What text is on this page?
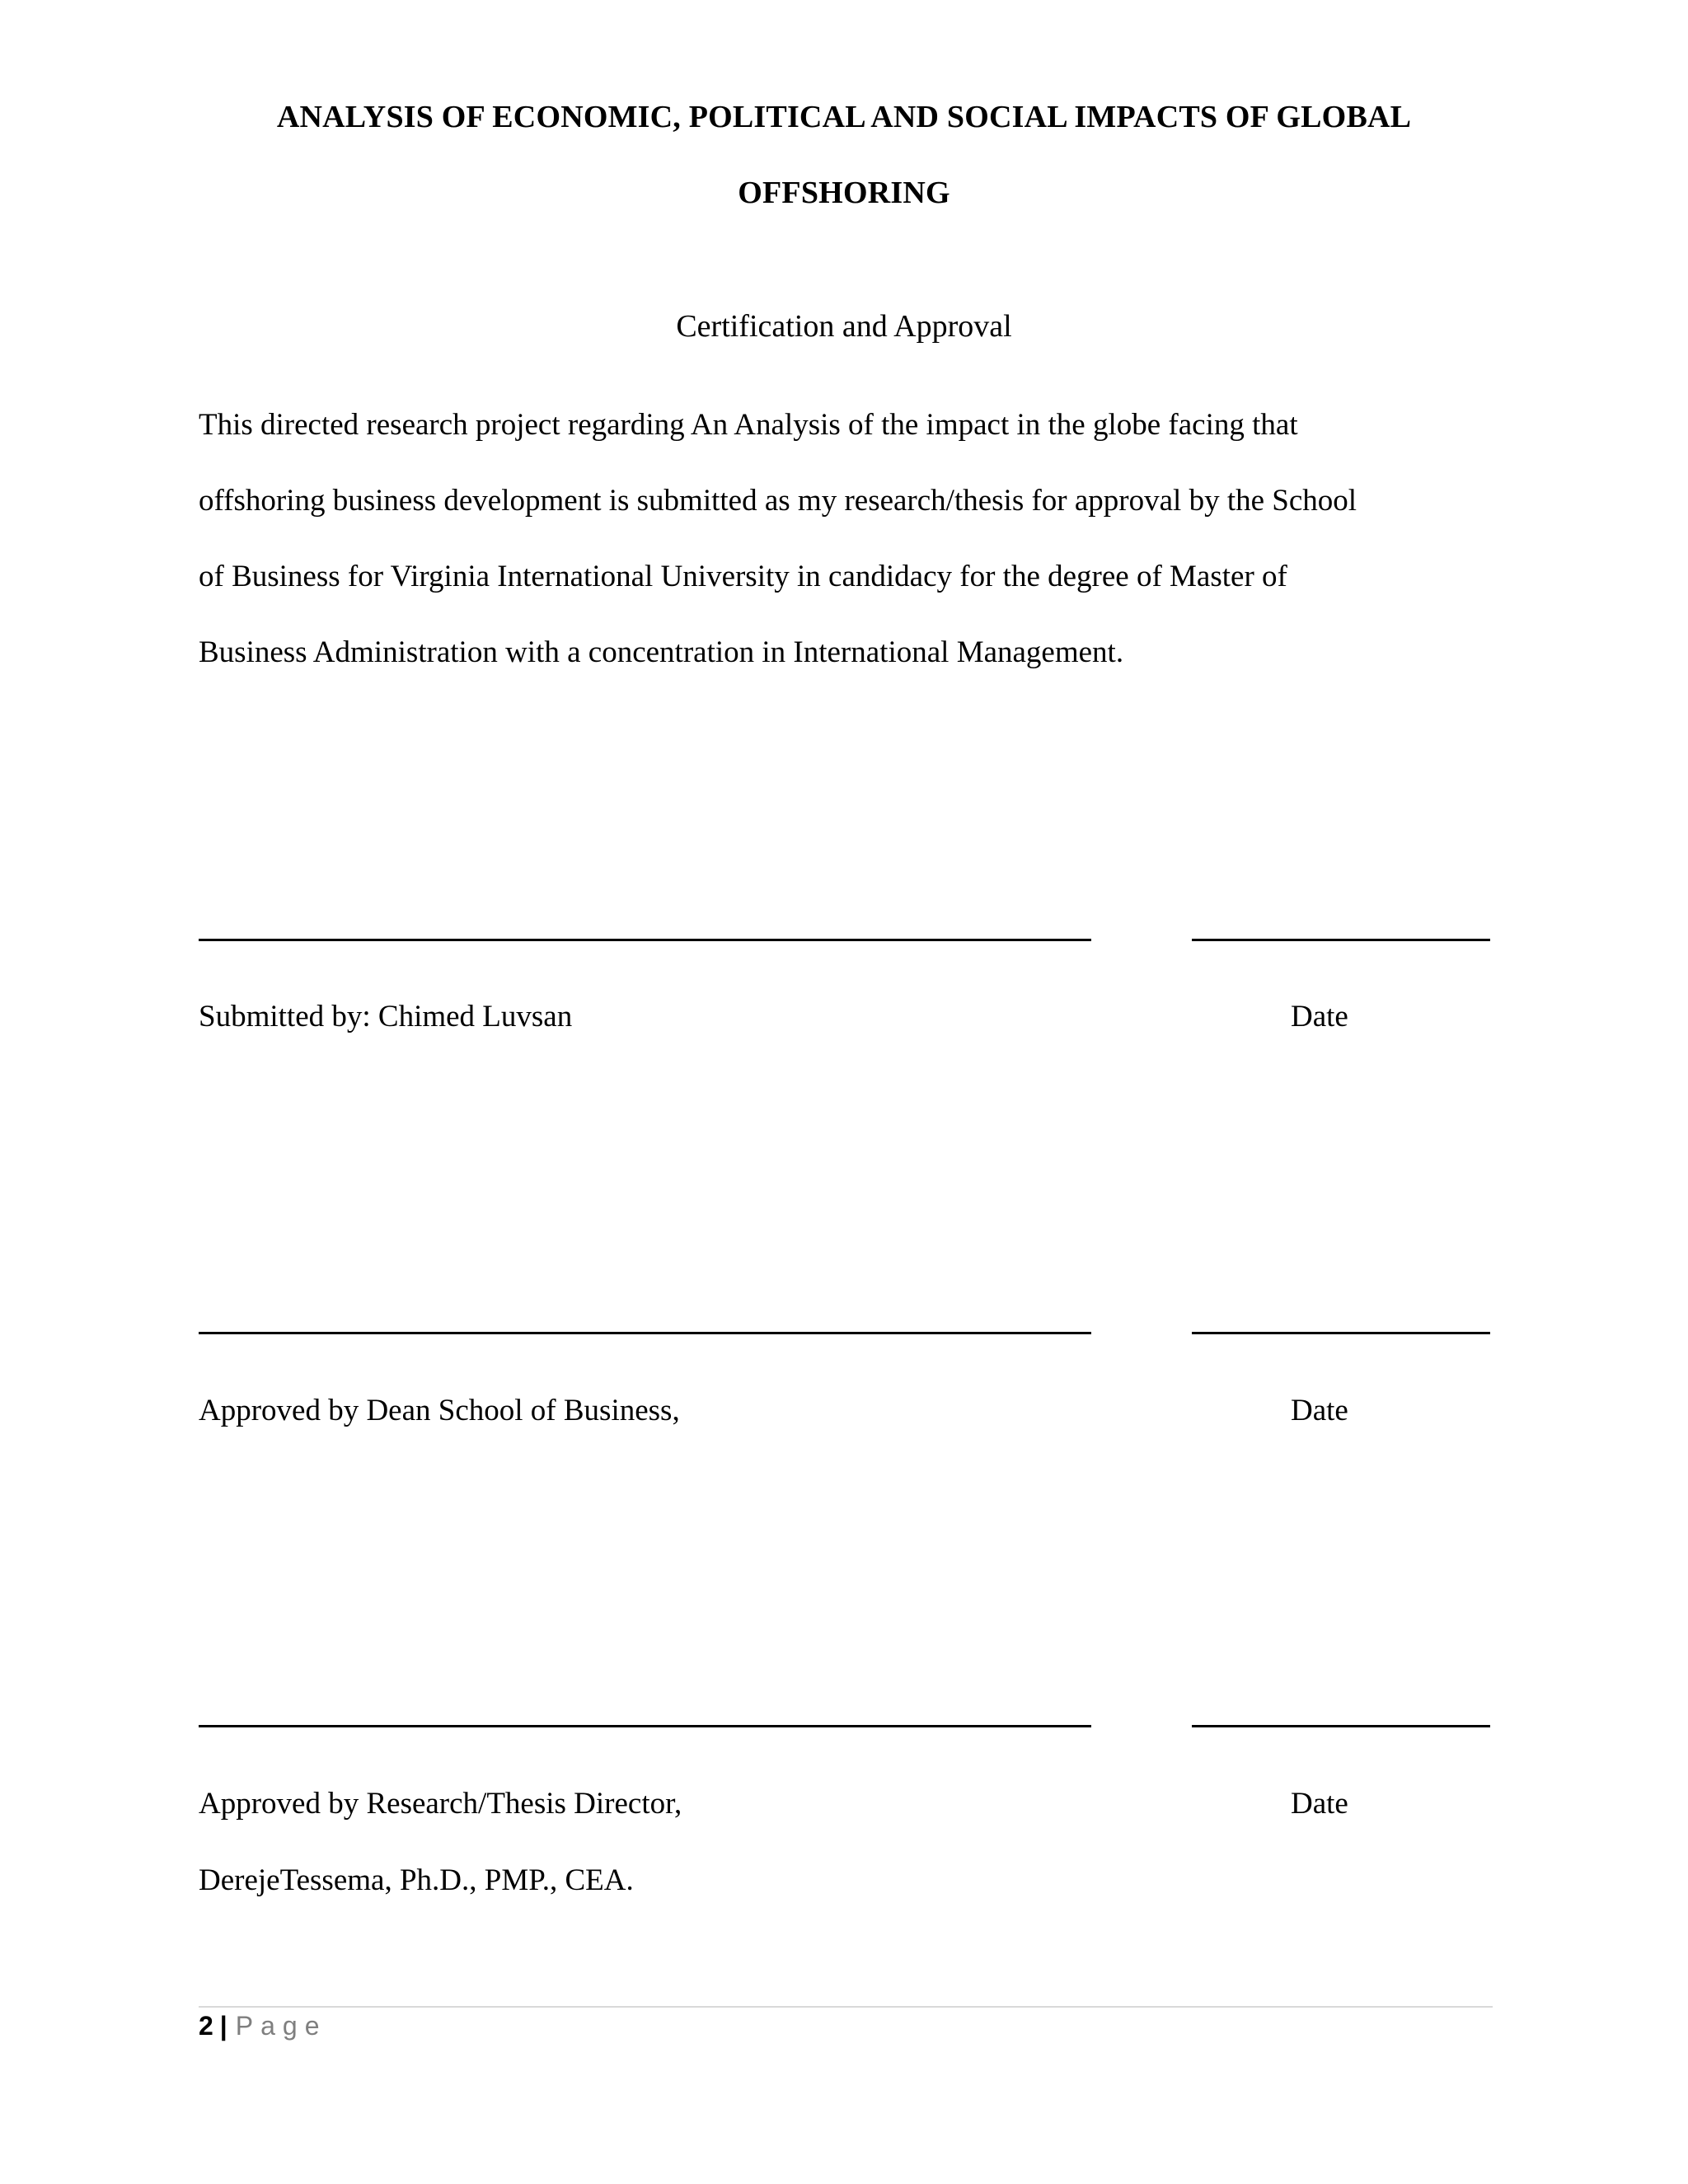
ANALYSIS OF ECONOMIC, POLITICAL AND SOCIAL IMPACTS OF GLOBAL
OFFSHORING
Certification and Approval
This directed research project regarding An Analysis of the impact in the globe facing that
offshoring business development is submitted as my research/thesis for approval by the School
of Business for Virginia International University in candidacy for the degree of Master of
Business Administration with a concentration in International Management.
Submitted by: Chimed Luvsan	Date
Approved by Dean School of Business,	Date
Approved by Research/Thesis Director,	Date
DerejeTessema, Ph.D., PMP., CEA.
2 | Page
